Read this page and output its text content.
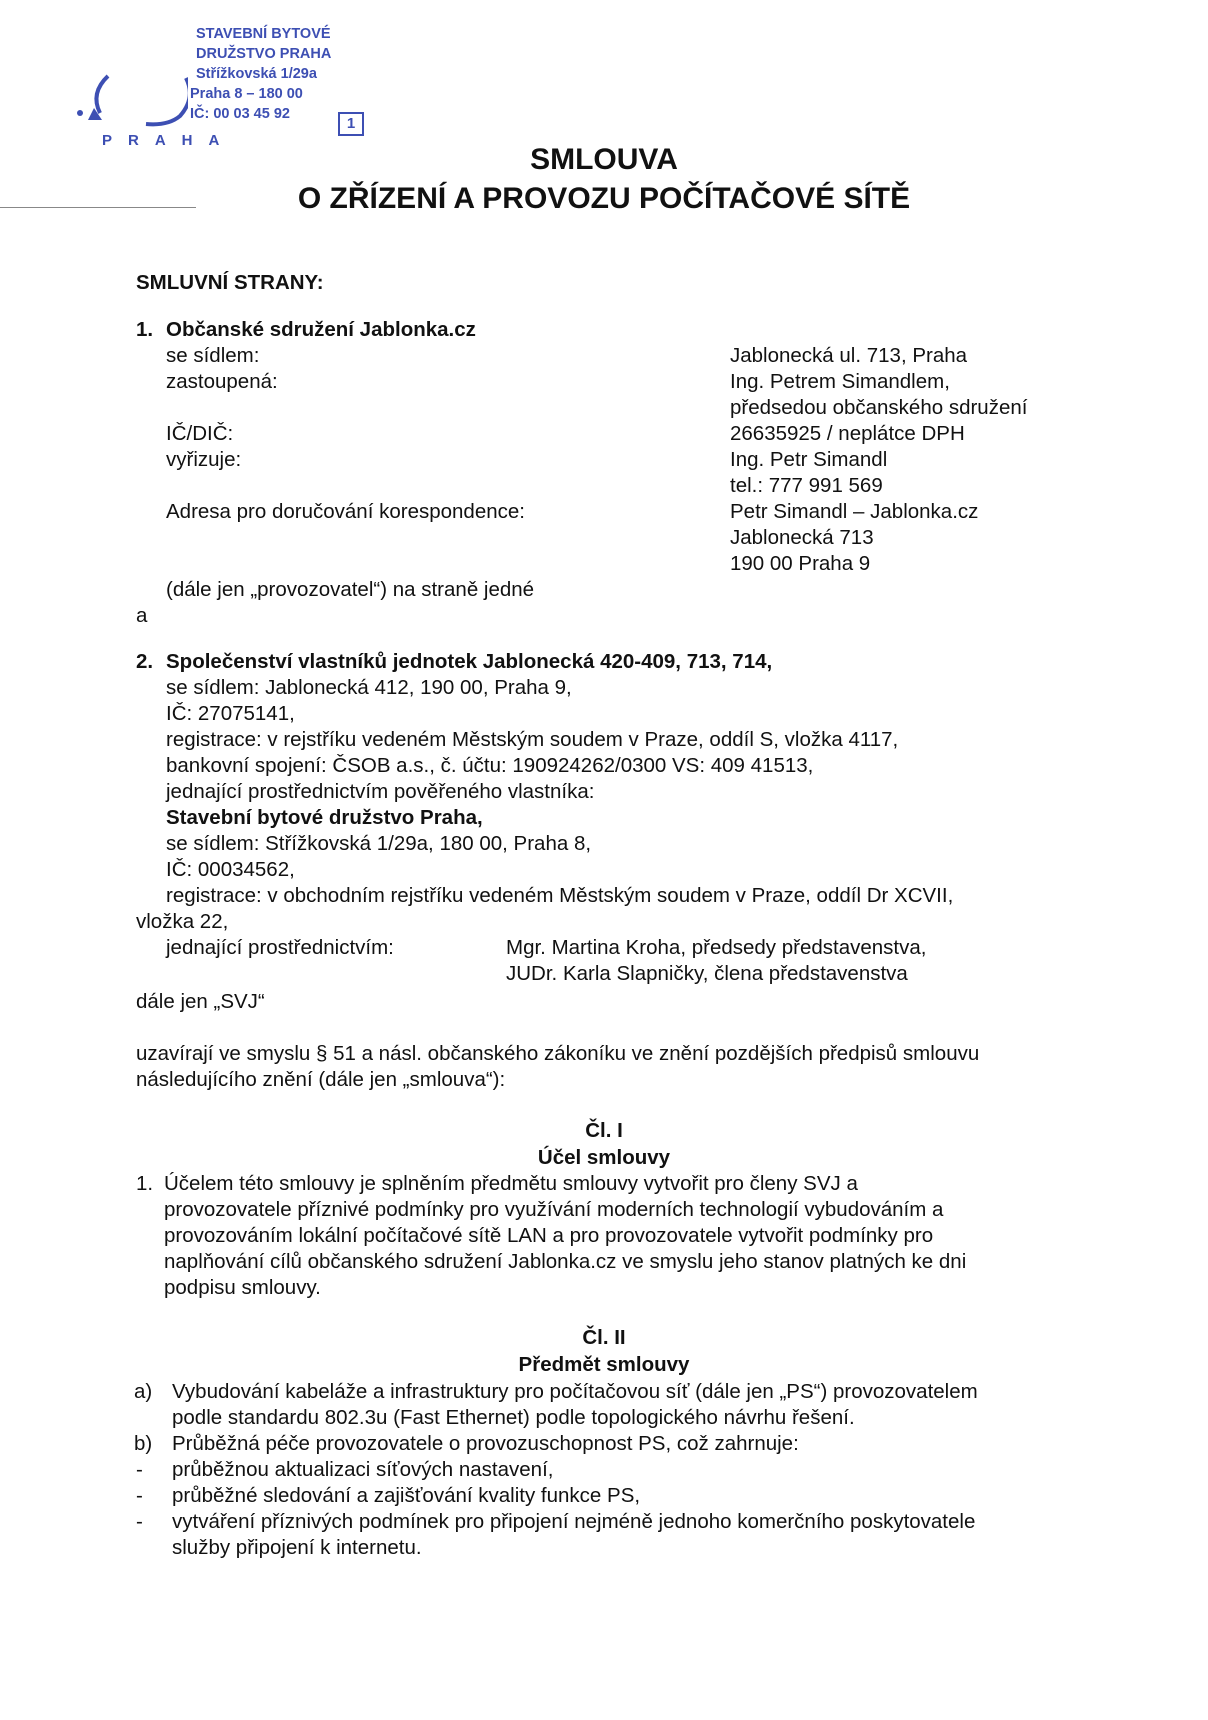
PRAHA
STAVEBNÍ BYTOVÉ
DRUŽSTVO PRAHA
Střížkovská 1/29a
Praha 8 – 180 00
IČ: 00 03 45 92
1
SMLOUVA
O ZŘÍZENÍ A PROVOZU POČÍTAČOVÉ SÍTĚ
SMLUVNÍ STRANY:
1. Občanské sdružení Jablonka.cz
se sídlem:
zastoupená:
IČ/DIČ:
vyřizuje:
Adresa pro doručování korespondence:
Jablonecká ul. 713, Praha
Ing. Petrem Simandlem,
předsedou občanského sdružení
26635925 / neplátce DPH
Ing. Petr Simandl
tel.: 777 991 569
Petr Simandl – Jablonka.cz
Jablonecká 713
190 00 Praha 9
(dále jen „provozovatel“) na straně jedné
a
2. Společenství vlastníků jednotek Jablonecká 420-409, 713, 714,
se sídlem: Jablonecká 412, 190 00, Praha 9,
IČ: 27075141,
registrace: v rejstříku vedeném Městským soudem v Praze, oddíl S, vložka 4117,
bankovní spojení: ČSOB a.s., č. účtu: 190924262/0300 VS: 409 41513,
jednající prostřednictvím pověřeného vlastníka:
Stavební bytové družstvo Praha,
se sídlem: Střížkovská 1/29a, 180 00, Praha 8,
IČ: 00034562,
registrace: v obchodním rejstříku vedeném Městským soudem v Praze, oddíl Dr XCVII,
vložka 22,
jednající prostřednictvím:	Mgr. Martina Kroha, předsedy představenstva,
JUDr. Karla Slapničky, člena představenstva
dále jen „SVJ“
uzavírají ve smyslu § 51 a násl. občanského zákoníku ve znění pozdějších předpisů smlouvu
následujícího znění (dále jen „smlouva“):
Čl. I
Účel smlouvy
1. Účelem této smlouvy je splněním předmětu smlouvy vytvořit pro členy SVJ a
provozovatele příznivé podmínky pro využívání moderních technologií vybudováním a
provozováním lokální počítačové sítě LAN a pro provozovatele vytvořit podmínky pro
naplňování cílů občanského sdružení Jablonka.cz ve smyslu jeho stanov platných ke dni
podpisu smlouvy.
Čl. II
Předmět smlouvy
a) Vybudování kabeláže a infrastruktury pro počítačovou síť (dále jen „PS“) provozovatelem
podle standardu 802.3u (Fast Ethernet) podle topologického návrhu řešení.
b) Průběžná péče provozovatele o provozuschopnost PS, což zahrnuje:
- průběžnou aktualizaci síťových nastavení,
- průběžné sledování a zajišťování kvality funkce PS,
- vytváření příznivých podmínek pro připojení nejméně jednoho komerčního poskytovatele
služby připojení k internetu.
